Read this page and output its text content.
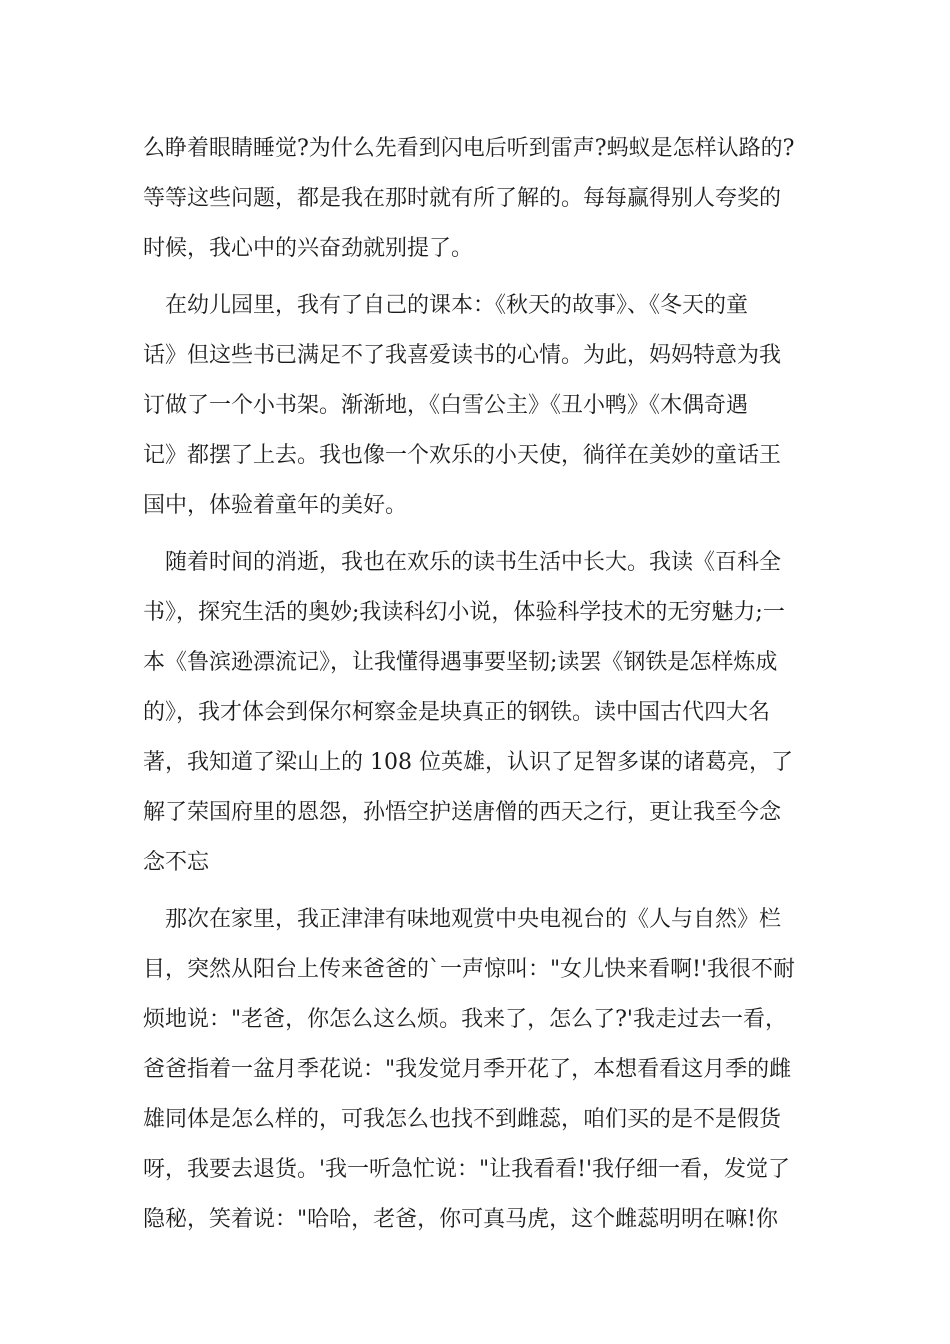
么睁着眼睛睡觉?为什么先看到闪电后听到雷声?蚂蚁是怎样认路的?
等等这些问题，都是我在那时就有所了解的。每每赢得别人夸奖的
时候，我心中的兴奋劲就别提了。
在幼儿园里，我有了自己的课本：《秋天的故事》、《冬天的童
话》但这些书已满足不了我喜爱读书的心情。为此，妈妈特意为我
订做了一个小书架。渐渐地，《白雪公主》《丑小鸭》《木偶奇遇
记》都摆了上去。我也像一个欢乐的小天使，徜徉在美妙的童话王
国中，体验着童年的美好。
随着时间的消逝，我也在欢乐的读书生活中长大。我读《百科全
书》，探究生活的奥妙;我读科幻小说，体验科学技术的无穷魅力;一
本《鲁滨逊漂流记》，让我懂得遇事要坚韧;读罢《钢铁是怎样炼成
的》，我才体会到保尔柯察金是块真正的钢铁。读中国古代四大名
著，我知道了梁山上的 108 位英雄，认识了足智多谋的诸葛亮，了
解了荣国府里的恩怨，孙悟空护送唐僧的西天之行，更让我至今念
念不忘
那次在家里，我正津津有味地观赏中央电视台的《人与自然》栏
目，突然从阳台上传来爸爸的`一声惊叫："女儿快来看啊!'我很不耐
烦地说："老爸，你怎么这么烦。我来了，怎么了?'我走过去一看，
爸爸指着一盆月季花说："我发觉月季开花了，本想看看这月季的雌
雄同体是怎么样的，可我怎么也找不到雌蕊，咱们买的是不是假货
呀，我要去退货。'我一听急忙说："让我看看!'我仔细一看，发觉了
隐秘，笑着说："哈哈，老爸，你可真马虎，这个雌蕊明明在嘛!你
